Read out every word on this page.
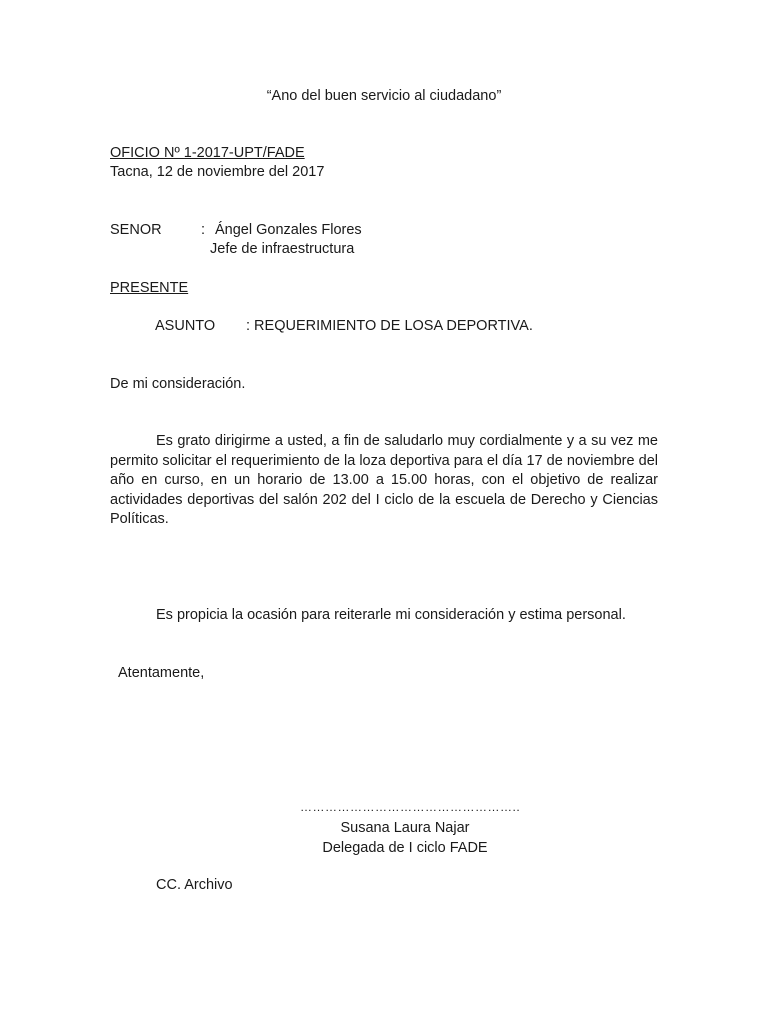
“Ano del buen servicio al ciudadano”
OFICIO Nº 1-2017-UPT/FADE
Tacna, 12 de noviembre del 2017
SENOR	: Ángel Gonzales Flores
Jefe de infraestructura
PRESENTE
ASUNTO : REQUERIMIENTO DE LOSA DEPORTIVA.
De mi consideración.

Es grato dirigirme a usted, a fin de saludarlo muy cordialmente y a su vez me permito solicitar el requerimiento de la loza deportiva para el día 17 de noviembre del año en curso, en un horario de 13.00 a 15.00 horas, con el objetivo de realizar actividades deportivas del salón 202 del I ciclo de la escuela de Derecho y Ciencias Políticas.

Es propicia la ocasión para reiterarle mi consideración y estima personal.
Atentamente,
……………………………………………..
Susana Laura Najar
Delegada de I ciclo FADE
CC. Archivo
